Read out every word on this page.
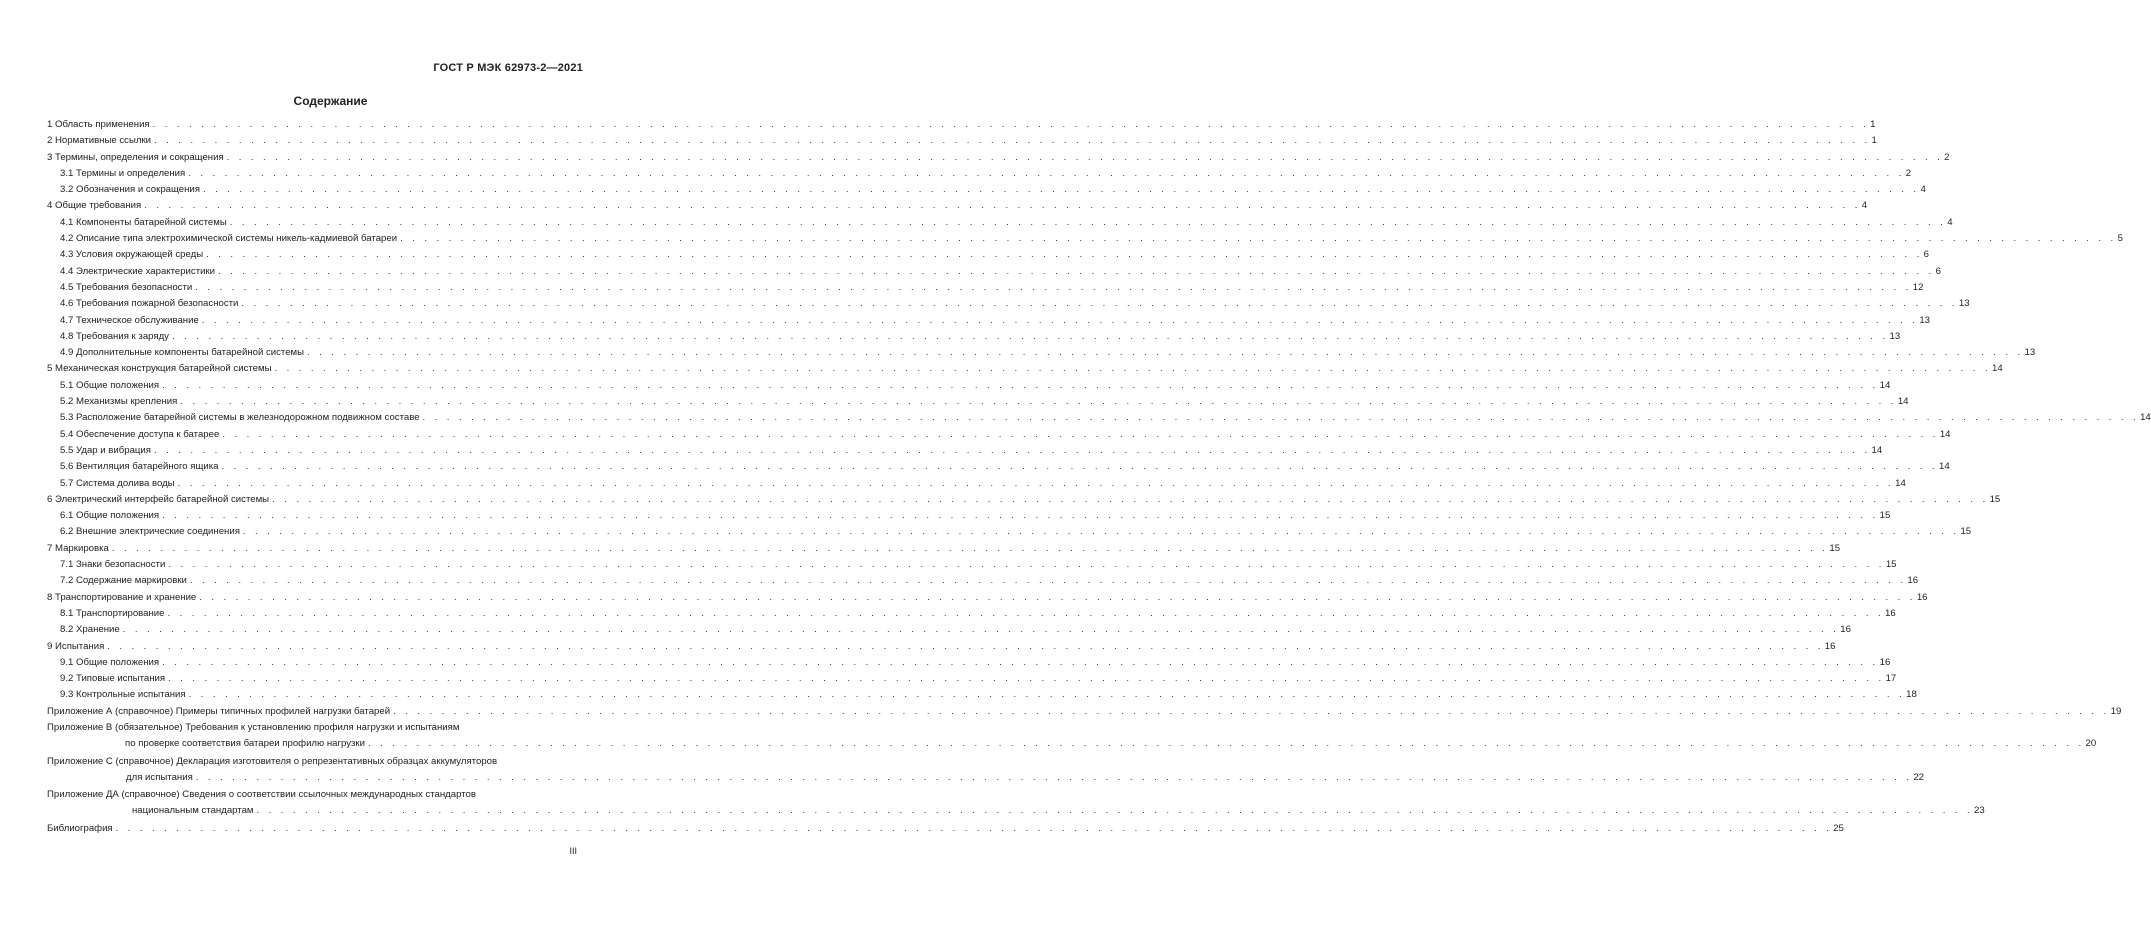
ГОСТ Р МЭК 62973-2—2021
Содержание
1 Область применения . . . . . . . . . . . . . . . . . . . . . . . . . . . . . . . . . . . . . . . . . . . . . . . . . . . . . . . . . . . . . . . . . . . . . . . . . . . . . . . . . . . . . . . . . . . . . . . . . . . . . . . . . . . . . . . . . . . . . . . . . . . . . . . . . . . . . . . . . . . . . . 1
2 Нормативные ссылки . . . . . . . . . . . . . . . . . . . . . . . . . . . . . . . . . . . . . . . . . . . . . . . . . . . . . . . . . . . . . . . . . . . . . . . . . . . . . . . . . . . . . . . . . . . . . . . . . . . . . . . . . . . . . . . . . . . . . . . . . . . . . . . . . . . . . . . . . . . . . . 1
3 Термины, определения и сокращения . . . . . . . . . . . . . . . . . . . . . . . . . . . . . . . . . . . . . . . . . . . . . . . . . . . . . . . . . . . . . . . . . . . . . . . . . . . . . . . . . . . . . . . . . . . . . . . . . . . . . . . . . . . . . . . . . . . . . . . . . . . . . . . . . . . . . . . . . . . . . . 2
3.1 Термины и определения . . . . . . . . . . . . . . . . . . . . . . . . . . . . . . . . . . . . . . . . . . . . . . . . . . . . . . . . . . . . . . . . . . . . . . . . . . . . . . . . . . . . . . . . . . . . . . . . . . . . . . . . . . . . . . . . . . . . . . . . . . . . . . . . . . . . . . . . . . . . . . 2
3.2 Обозначения и сокращения . . . . . . . . . . . . . . . . . . . . . . . . . . . . . . . . . . . . . . . . . . . . . . . . . . . . . . . . . . . . . . . . . . . . . . . . . . . . . . . . . . . . . . . . . . . . . . . . . . . . . . . . . . . . . . . . . . . . . . . . . . . . . . . . . . . . . . . . . . . . . . 4
4 Общие требования . . . . . . . . . . . . . . . . . . . . . . . . . . . . . . . . . . . . . . . . . . . . . . . . . . . . . . . . . . . . . . . . . . . . . . . . . . . . . . . . . . . . . . . . . . . . . . . . . . . . . . . . . . . . . . . . . . . . . . . . . . . . . . . . . . . . . . . . . . . . . . 4
4.1 Компоненты батарейной системы . . . . . . . . . . . . . . . . . . . . . . . . . . . . . . . . . . . . . . . . . . . . . . . . . . . . . . . . . . . . . . . . . . . . . . . . . . . . . . . . . . . . . . . . . . . . . . . . . . . . . . . . . . . . . . . . . . . . . . . . . . . . . . . . . . . . . . . . . . . . . . 4
4.2 Описание типа электрохимической системы никель-кадмиевой батареи . . . . . . . . . . . . . . . . . . . . . . . . . . . . . . . . . . . . . . . . . . . . . . . . . . . . . . . . . . . . . . . . . . . . . . . . . . . . . . . . . . . . . . . . . . . . . . . . . . . . . . . . . . . . . . . . . . . . . . . . . . . . . . . . . . . . . . . . . . . . . . 5
4.3 Условия окружающей среды . . . . . . . . . . . . . . . . . . . . . . . . . . . . . . . . . . . . . . . . . . . . . . . . . . . . . . . . . . . . . . . . . . . . . . . . . . . . . . . . . . . . . . . . . . . . . . . . . . . . . . . . . . . . . . . . . . . . . . . . . . . . . . . . . . . . . . . . . . . . . . 6
4.4 Электрические характеристики . . . . . . . . . . . . . . . . . . . . . . . . . . . . . . . . . . . . . . . . . . . . . . . . . . . . . . . . . . . . . . . . . . . . . . . . . . . . . . . . . . . . . . . . . . . . . . . . . . . . . . . . . . . . . . . . . . . . . . . . . . . . . . . . . . . . . . . . . . . . . . 6
4.5 Требования безопасности . . . . . . . . . . . . . . . . . . . . . . . . . . . . . . . . . . . . . . . . . . . . . . . . . . . . . . . . . . . . . . . . . . . . . . . . . . . . . . . . . . . . . . . . . . . . . . . . . . . . . . . . . . . . . . . . . . . . . . . . . . . . . . . . . . . . . . . . . . . . . . 12
4.6 Требования пожарной безопасности . . . . . . . . . . . . . . . . . . . . . . . . . . . . . . . . . . . . . . . . . . . . . . . . . . . . . . . . . . . . . . . . . . . . . . . . . . . . . . . . . . . . . . . . . . . . . . . . . . . . . . . . . . . . . . . . . . . . . . . . . . . . . . . . . . . . . . . . . . . . . . 13
4.7 Техническое обслуживание . . . . . . . . . . . . . . . . . . . . . . . . . . . . . . . . . . . . . . . . . . . . . . . . . . . . . . . . . . . . . . . . . . . . . . . . . . . . . . . . . . . . . . . . . . . . . . . . . . . . . . . . . . . . . . . . . . . . . . . . . . . . . . . . . . . . . . . . . . . . . . 13
4.8 Требования к заряду . . . . . . . . . . . . . . . . . . . . . . . . . . . . . . . . . . . . . . . . . . . . . . . . . . . . . . . . . . . . . . . . . . . . . . . . . . . . . . . . . . . . . . . . . . . . . . . . . . . . . . . . . . . . . . . . . . . . . . . . . . . . . . . . . . . . . . . . . . . . . . 13
4.9 Дополнительные компоненты батарейной системы . . . . . . . . . . . . . . . . . . . . . . . . . . . . . . . . . . . . . . . . . . . . . . . . . . . . . . . . . . . . . . . . . . . . . . . . . . . . . . . . . . . . . . . . . . . . . . . . . . . . . . . . . . . . . . . . . . . . . . . . . . . . . . . . . . . . . . . . . . . . . . 13
5 Механическая конструкция батарейной системы . . . . . . . . . . . . . . . . . . . . . . . . . . . . . . . . . . . . . . . . . . . . . . . . . . . . . . . . . . . . . . . . . . . . . . . . . . . . . . . . . . . . . . . . . . . . . . . . . . . . . . . . . . . . . . . . . . . . . . . . . . . . . . . . . . . . . . . . . . . . . . 14
5.1 Общие положения . . . . . . . . . . . . . . . . . . . . . . . . . . . . . . . . . . . . . . . . . . . . . . . . . . . . . . . . . . . . . . . . . . . . . . . . . . . . . . . . . . . . . . . . . . . . . . . . . . . . . . . . . . . . . . . . . . . . . . . . . . . . . . . . . . . . . . . . . . . . . . 14
5.2 Механизмы крепления . . . . . . . . . . . . . . . . . . . . . . . . . . . . . . . . . . . . . . . . . . . . . . . . . . . . . . . . . . . . . . . . . . . . . . . . . . . . . . . . . . . . . . . . . . . . . . . . . . . . . . . . . . . . . . . . . . . . . . . . . . . . . . . . . . . . . . . . . . . . . . 14
5.3 Расположение батарейной системы в железнодорожном подвижном составе . . . . . . . . . . . . . . . . . . . . . . . . . . . . . . . . . . . . . . . . . . . . . . . . . . . . . . . . . . . . . . . . . . . . . . . . . . . . . . . . . . . . . . . . . . . . . . . . . . . . . . . . . . . . . . . . . . . . . . . . . . . . . . . . . . . . . . . . . . . . . . 14
5.4 Обеспечение доступа к батарее . . . . . . . . . . . . . . . . . . . . . . . . . . . . . . . . . . . . . . . . . . . . . . . . . . . . . . . . . . . . . . . . . . . . . . . . . . . . . . . . . . . . . . . . . . . . . . . . . . . . . . . . . . . . . . . . . . . . . . . . . . . . . . . . . . . . . . . . . . . . . . 14
5.5 Удар и вибрация . . . . . . . . . . . . . . . . . . . . . . . . . . . . . . . . . . . . . . . . . . . . . . . . . . . . . . . . . . . . . . . . . . . . . . . . . . . . . . . . . . . . . . . . . . . . . . . . . . . . . . . . . . . . . . . . . . . . . . . . . . . . . . . . . . . . . . . . . . . . . . 14
5.6 Вентиляция батарейного ящика . . . . . . . . . . . . . . . . . . . . . . . . . . . . . . . . . . . . . . . . . . . . . . . . . . . . . . . . . . . . . . . . . . . . . . . . . . . . . . . . . . . . . . . . . . . . . . . . . . . . . . . . . . . . . . . . . . . . . . . . . . . . . . . . . . . . . . . . . . . . . . 14
5.7 Система долива воды . . . . . . . . . . . . . . . . . . . . . . . . . . . . . . . . . . . . . . . . . . . . . . . . . . . . . . . . . . . . . . . . . . . . . . . . . . . . . . . . . . . . . . . . . . . . . . . . . . . . . . . . . . . . . . . . . . . . . . . . . . . . . . . . . . . . . . . . . . . . . . 14
6 Электрический интерфейс батарейной системы . . . . . . . . . . . . . . . . . . . . . . . . . . . . . . . . . . . . . . . . . . . . . . . . . . . . . . . . . . . . . . . . . . . . . . . . . . . . . . . . . . . . . . . . . . . . . . . . . . . . . . . . . . . . . . . . . . . . . . . . . . . . . . . . . . . . . . . . . . . . . . 15
6.1 Общие положения . . . . . . . . . . . . . . . . . . . . . . . . . . . . . . . . . . . . . . . . . . . . . . . . . . . . . . . . . . . . . . . . . . . . . . . . . . . . . . . . . . . . . . . . . . . . . . . . . . . . . . . . . . . . . . . . . . . . . . . . . . . . . . . . . . . . . . . . . . . . . . 15
6.2 Внешние электрические соединения . . . . . . . . . . . . . . . . . . . . . . . . . . . . . . . . . . . . . . . . . . . . . . . . . . . . . . . . . . . . . . . . . . . . . . . . . . . . . . . . . . . . . . . . . . . . . . . . . . . . . . . . . . . . . . . . . . . . . . . . . . . . . . . . . . . . . . . . . . . . . . 15
7 Маркировка . . . . . . . . . . . . . . . . . . . . . . . . . . . . . . . . . . . . . . . . . . . . . . . . . . . . . . . . . . . . . . . . . . . . . . . . . . . . . . . . . . . . . . . . . . . . . . . . . . . . . . . . . . . . . . . . . . . . . . . . . . . . . . . . . . . . . . . . . . . . . . 15
7.1 Знаки безопасности . . . . . . . . . . . . . . . . . . . . . . . . . . . . . . . . . . . . . . . . . . . . . . . . . . . . . . . . . . . . . . . . . . . . . . . . . . . . . . . . . . . . . . . . . . . . . . . . . . . . . . . . . . . . . . . . . . . . . . . . . . . . . . . . . . . . . . . . . . . . . . 15
7.2 Содержание маркировки . . . . . . . . . . . . . . . . . . . . . . . . . . . . . . . . . . . . . . . . . . . . . . . . . . . . . . . . . . . . . . . . . . . . . . . . . . . . . . . . . . . . . . . . . . . . . . . . . . . . . . . . . . . . . . . . . . . . . . . . . . . . . . . . . . . . . . . . . . . . . . 16
8 Транспортирование и хранение . . . . . . . . . . . . . . . . . . . . . . . . . . . . . . . . . . . . . . . . . . . . . . . . . . . . . . . . . . . . . . . . . . . . . . . . . . . . . . . . . . . . . . . . . . . . . . . . . . . . . . . . . . . . . . . . . . . . . . . . . . . . . . . . . . . . . . . . . . . . . . 16
8.1 Транспортирование . . . . . . . . . . . . . . . . . . . . . . . . . . . . . . . . . . . . . . . . . . . . . . . . . . . . . . . . . . . . . . . . . . . . . . . . . . . . . . . . . . . . . . . . . . . . . . . . . . . . . . . . . . . . . . . . . . . . . . . . . . . . . . . . . . . . . . . . . . . . . . 16
8.2 Хранение . . . . . . . . . . . . . . . . . . . . . . . . . . . . . . . . . . . . . . . . . . . . . . . . . . . . . . . . . . . . . . . . . . . . . . . . . . . . . . . . . . . . . . . . . . . . . . . . . . . . . . . . . . . . . . . . . . . . . . . . . . . . . . . . . . . . . . . . . . . . . . 16
9 Испытания . . . . . . . . . . . . . . . . . . . . . . . . . . . . . . . . . . . . . . . . . . . . . . . . . . . . . . . . . . . . . . . . . . . . . . . . . . . . . . . . . . . . . . . . . . . . . . . . . . . . . . . . . . . . . . . . . . . . . . . . . . . . . . . . . . . . . . . . . . . . . . 16
9.1 Общие положения . . . . . . . . . . . . . . . . . . . . . . . . . . . . . . . . . . . . . . . . . . . . . . . . . . . . . . . . . . . . . . . . . . . . . . . . . . . . . . . . . . . . . . . . . . . . . . . . . . . . . . . . . . . . . . . . . . . . . . . . . . . . . . . . . . . . . . . . . . . . . . 16
9.2 Типовые испытания . . . . . . . . . . . . . . . . . . . . . . . . . . . . . . . . . . . . . . . . . . . . . . . . . . . . . . . . . . . . . . . . . . . . . . . . . . . . . . . . . . . . . . . . . . . . . . . . . . . . . . . . . . . . . . . . . . . . . . . . . . . . . . . . . . . . . . . . . . . . . . 17
9.3 Контрольные испытания . . . . . . . . . . . . . . . . . . . . . . . . . . . . . . . . . . . . . . . . . . . . . . . . . . . . . . . . . . . . . . . . . . . . . . . . . . . . . . . . . . . . . . . . . . . . . . . . . . . . . . . . . . . . . . . . . . . . . . . . . . . . . . . . . . . . . . . . . . . . . . 18
Приложение А (справочное) Примеры типичных профилей нагрузки батарей . . . . . . . . . . . . . . . . . . . . . . . . . . . . . . . . . . . . . . . . . . . . . . . . . . . . . . . . . . . . . . . . . . . . . . . . . . . . . . . . . . . . . . . . . . . . . . . . . . . . . . . . . . . . . . . . . . . . . . . . . . . . . . . . . . . . . . . . . . . . . . 19
Приложение В (обязательное) Требования к установлению профиля нагрузки и испытаниям
по проверке соответствия батареи профилю нагрузки . . . . . . . . . . . . . . . . . . . . . . . . . . . . . . . . . . . . . . . . . . . . . . . . . . . . . . . . . . . . . . . . . . . . . . . . . . . . . . . . . . . . . . . . . . . . . . . . . . . . . . . . . . . . . . . . . . . . . . . . . . . . . . . . . . . . . . . . . . . . . . 20
Приложение С (справочное) Декларация изготовителя о репрезентативных образцах аккумуляторов
для испытания . . . . . . . . . . . . . . . . . . . . . . . . . . . . . . . . . . . . . . . . . . . . . . . . . . . . . . . . . . . . . . . . . . . . . . . . . . . . . . . . . . . . . . . . . . . . . . . . . . . . . . . . . . . . . . . . . . . . . . . . . . . . . . . . . . . . . . . . . . . . . . 22
Приложение ДА (справочное) Сведения о соответствии ссылочных международных стандартов
национальным стандартам . . . . . . . . . . . . . . . . . . . . . . . . . . . . . . . . . . . . . . . . . . . . . . . . . . . . . . . . . . . . . . . . . . . . . . . . . . . . . . . . . . . . . . . . . . . . . . . . . . . . . . . . . . . . . . . . . . . . . . . . . . . . . . . . . . . . . . . . . . . . . . 23
Библиография . . . . . . . . . . . . . . . . . . . . . . . . . . . . . . . . . . . . . . . . . . . . . . . . . . . . . . . . . . . . . . . . . . . . . . . . . . . . . . . . . . . . . . . . . . . . . . . . . . . . . . . . . . . . . . . . . . . . . . . . . . . . . . . . . . . . . . . . . . . . . . 25
III
